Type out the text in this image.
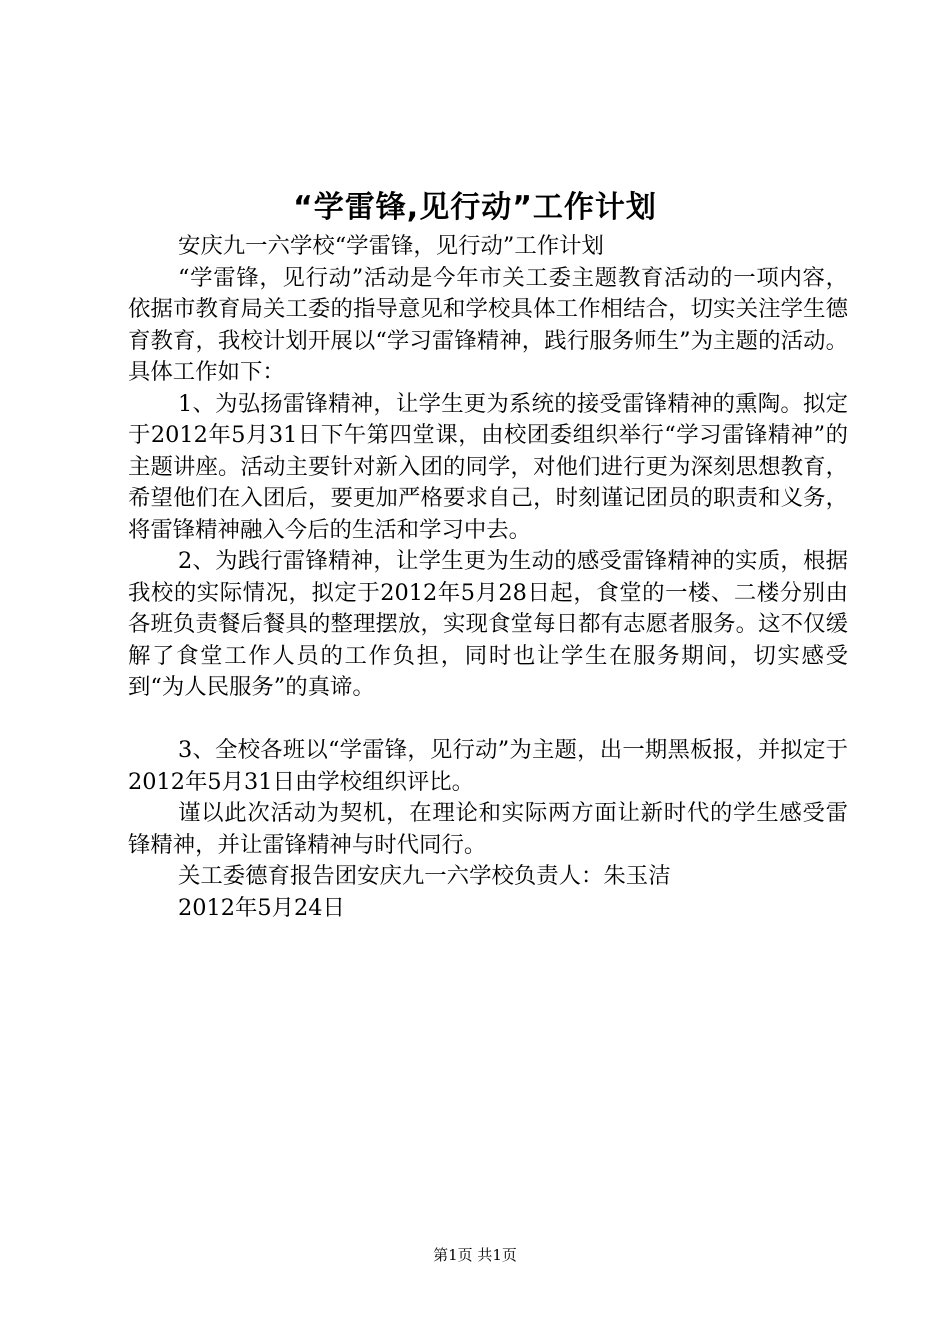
“学雷锋,见行动”工作计划

安庆九一六学校“学雷锋，见行动”工作计划

“学雷锋，见行动”活动是今年市关工委主题教育活动的一项内容，依据市教育局关工委的指导意见和学校具体工作相结合，切实关注学生德育教育，我校计划开展以“学习雷锋精神，践行服务师生”为主题的活动。具体工作如下：

1、为弘扬雷锋精神，让学生更为系统的接受雷锋精神的熏陶。拟定于2012年5月31日下午第四堂课，由校团委组织举行“学习雷锋精神”的主题讲座。活动主要针对新入团的同学，对他们进行更为深刻思想教育，希望他们在入团后，要更加严格要求自己，时刻谨记团员的职责和义务，将雷锋精神融入今后的生活和学习中去。

2、为践行雷锋精神，让学生更为生动的感受雷锋精神的实质，根据我校的实际情况，拟定于2012年5月28日起，食堂的一楼、二楼分别由各班负责餐后餐具的整理摆放，实现食堂每日都有志愿者服务。这不仅缓解了食堂工作人员的工作负担，同时也让学生在服务期间，切实感受到“为人民服务”的真谛。

3、全校各班以“学雷锋，见行动”为主题，出一期黑板报，并拟定于2012年5月31日由学校组织评比。

谨以此次活动为契机，在理论和实际两方面让新时代的学生感受雷锋精神，并让雷锋精神与时代同行。

关工委德育报告团安庆九一六学校负责人：朱玉洁

2012年5月24日

第1页 共1页
